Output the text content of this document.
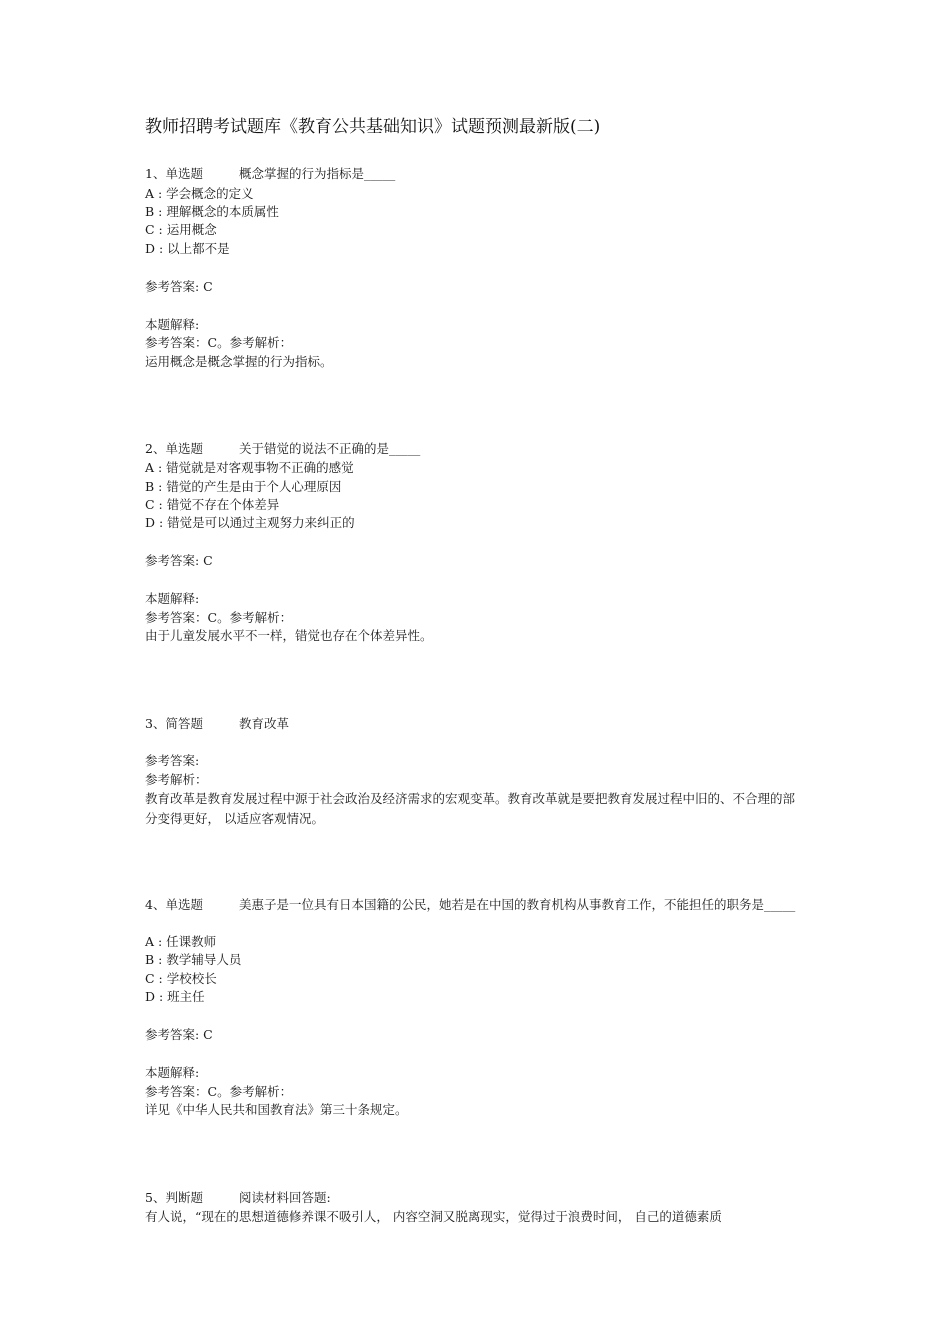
教师招聘考试题库《教育公共基础知识》试题预测最新版(二)
1、单选题	概念掌握的行为指标是_____
A : 学会概念的定义
B : 理解概念的本质属性
C : 运用概念
D : 以上都不是
参考答案: C
本题解释:
参考答案：C。参考解析：
运用概念是概念掌握的行为指标。
2、单选题	关于错觉的说法不正确的是_____
A : 错觉就是对客观事物不正确的感觉
B : 错觉的产生是由于个人心理原因
C : 错觉不存在个体差异
D : 错觉是可以通过主观努力来纠正的
参考答案: C
本题解释:
参考答案：C。参考解析：
由于儿童发展水平不一样，错觉也存在个体差异性。
3、简答题	教育改革
参考答案:
参考解析：
教育改革是教育发展过程中源于社会政治及经济需求的宏观变革。教育改革就是要把教育发展过程中旧的、不合理的部分变得更好， 以适应客观情况。
4、单选题	美惠子是一位具有日本国籍的公民，她若是在中国的教育机构从事教育工作，不能担任的职务是_____
A : 任课教师
B : 教学辅导人员
C : 学校校长
D : 班主任
参考答案: C
本题解释:
参考答案：C。参考解析：
详见《中华人民共和国教育法》第三十条规定。
5、判断题	阅读材料回答题:
有人说，“现在的思想道德修养课不吸引人， 内容空洞又脱离现实，觉得过于浪费时间， 自己的道德素质
